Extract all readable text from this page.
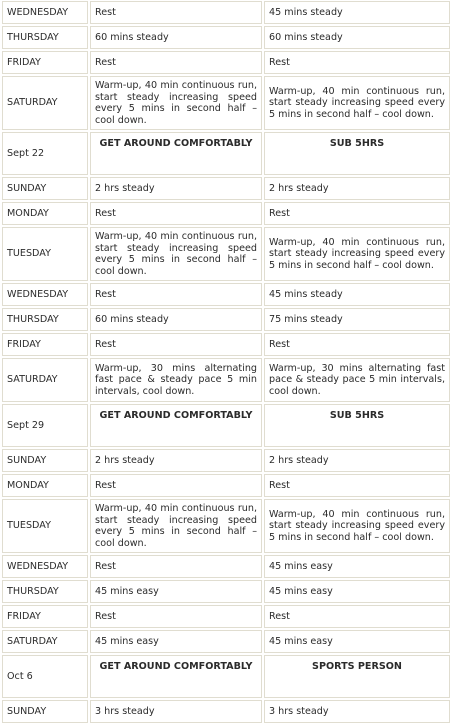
WEDNESDAY	Rest	45 mins steady
THURSDAY	60 mins steady	60 mins steady
FRIDAY	Rest	Rest
SATURDAY	Warm-up, 40 min continuous run, start steady increasing speed every 5 mins in second half – cool down.	Warm-up, 40 min continuous run, start steady increasing speed every 5 mins in second half – cool down.
Sept 22	GET AROUND COMFORTABLY	SUB 5HRS
SUNDAY	2 hrs steady	2 hrs steady
MONDAY	Rest	Rest
TUESDAY	Warm-up, 40 min continuous run, start steady increasing speed every 5 mins in second half – cool down.	Warm-up, 40 min continuous run, start steady increasing speed every 5 mins in second half – cool down.
WEDNESDAY	Rest	45 mins steady
THURSDAY	60 mins steady	75 mins steady
FRIDAY	Rest	Rest
SATURDAY	Warm-up, 30 mins alternating fast pace & steady pace 5 min intervals, cool down.	Warm-up, 30 mins alternating fast pace & steady pace 5 min intervals, cool down.
Sept 29	GET AROUND COMFORTABLY	SUB 5HRS
SUNDAY	2 hrs steady	2 hrs steady
MONDAY	Rest	Rest
TUESDAY	Warm-up, 40 min continuous run, start steady increasing speed every 5 mins in second half – cool down.	Warm-up, 40 min continuous run, start steady increasing speed every 5 mins in second half – cool down.
WEDNESDAY	Rest	45 mins easy
THURSDAY	45 mins easy	45 mins easy
FRIDAY	Rest	Rest
SATURDAY	45 mins easy	45 mins easy
Oct 6	GET AROUND COMFORTABLY	SPORTS PERSON
SUNDAY	3 hrs steady	3 hrs steady
